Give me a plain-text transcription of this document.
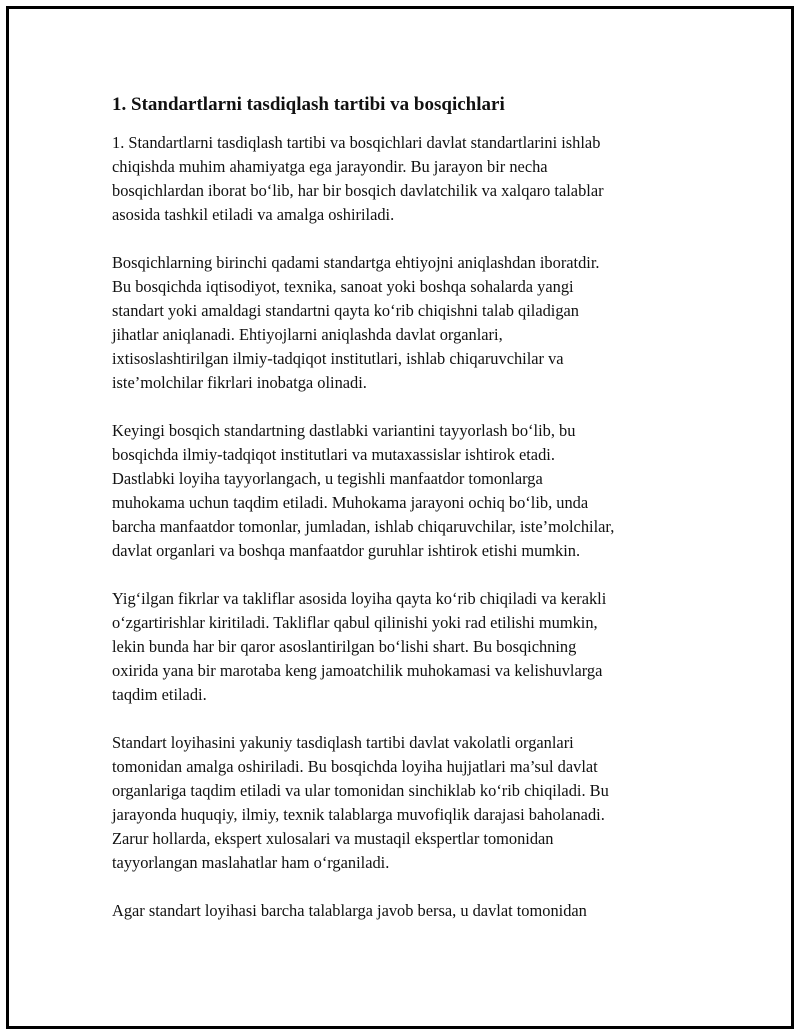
1. Standartlarni tasdiqlash tartibi va bosqichlari

1. Standartlarni tasdiqlash tartibi va bosqichlari davlat standartlarini ishlab
chiqishda muhim ahamiyatga ega jarayondir. Bu jarayon bir necha
bosqichlardan iborat bo‘lib, har bir bosqich davlatchilik va xalqaro talablar
asosida tashkil etiladi va amalga oshiriladi.

Bosqichlarning birinchi qadami standartga ehtiyojni aniqlashdan iboratdir.
Bu bosqichda iqtisodiyot, texnika, sanoat yoki boshqa sohalarda yangi
standart yoki amaldagi standartni qayta ko‘rib chiqishni talab qiladigan
jihatlar aniqlanadi. Ehtiyojlarni aniqlashda davlat organlari,
ixtisoslashtirilgan ilmiy-tadqiqot institutlari, ishlab chiqaruvchilar va
iste’molchilar fikrlari inobatga olinadi.

Keyingi bosqich standartning dastlabki variantini tayyorlash bo‘lib, bu
bosqichda ilmiy-tadqiqot institutlari va mutaxassislar ishtirok etadi.
Dastlabki loyiha tayyorlangach, u tegishli manfaatdor tomonlarga
muhokama uchun taqdim etiladi. Muhokama jarayoni ochiq bo‘lib, unda
barcha manfaatdor tomonlar, jumladan, ishlab chiqaruvchilar, iste’molchilar,
davlat organlari va boshqa manfaatdor guruhlar ishtirok etishi mumkin.

Yig‘ilgan fikrlar va takliflar asosida loyiha qayta ko‘rib chiqiladi va kerakli
o‘zgartirishlar kiritiladi. Takliflar qabul qilinishi yoki rad etilishi mumkin,
lekin bunda har bir qaror asoslantirilgan bo‘lishi shart. Bu bosqichning
oxirida yana bir marotaba keng jamoatchilik muhokamasi va kelishuvlarga
taqdim etiladi.

Standart loyihasini yakuniy tasdiqlash tartibi davlat vakolatli organlari
tomonidan amalga oshiriladi. Bu bosqichda loyiha hujjatlari ma’sul davlat
organlariga taqdim etiladi va ular tomonidan sinchiklab ko‘rib chiqiladi. Bu
jarayonda huquqiy, ilmiy, texnik talablarga muvofiqlik darajasi baholanadi.
Zarur hollarda, ekspert xulosalari va mustaqil ekspertlar tomonidan
tayyorlangan maslahatlar ham o‘rganiladi.

Agar standart loyihasi barcha talablarga javob bersa, u davlat tomonidan
